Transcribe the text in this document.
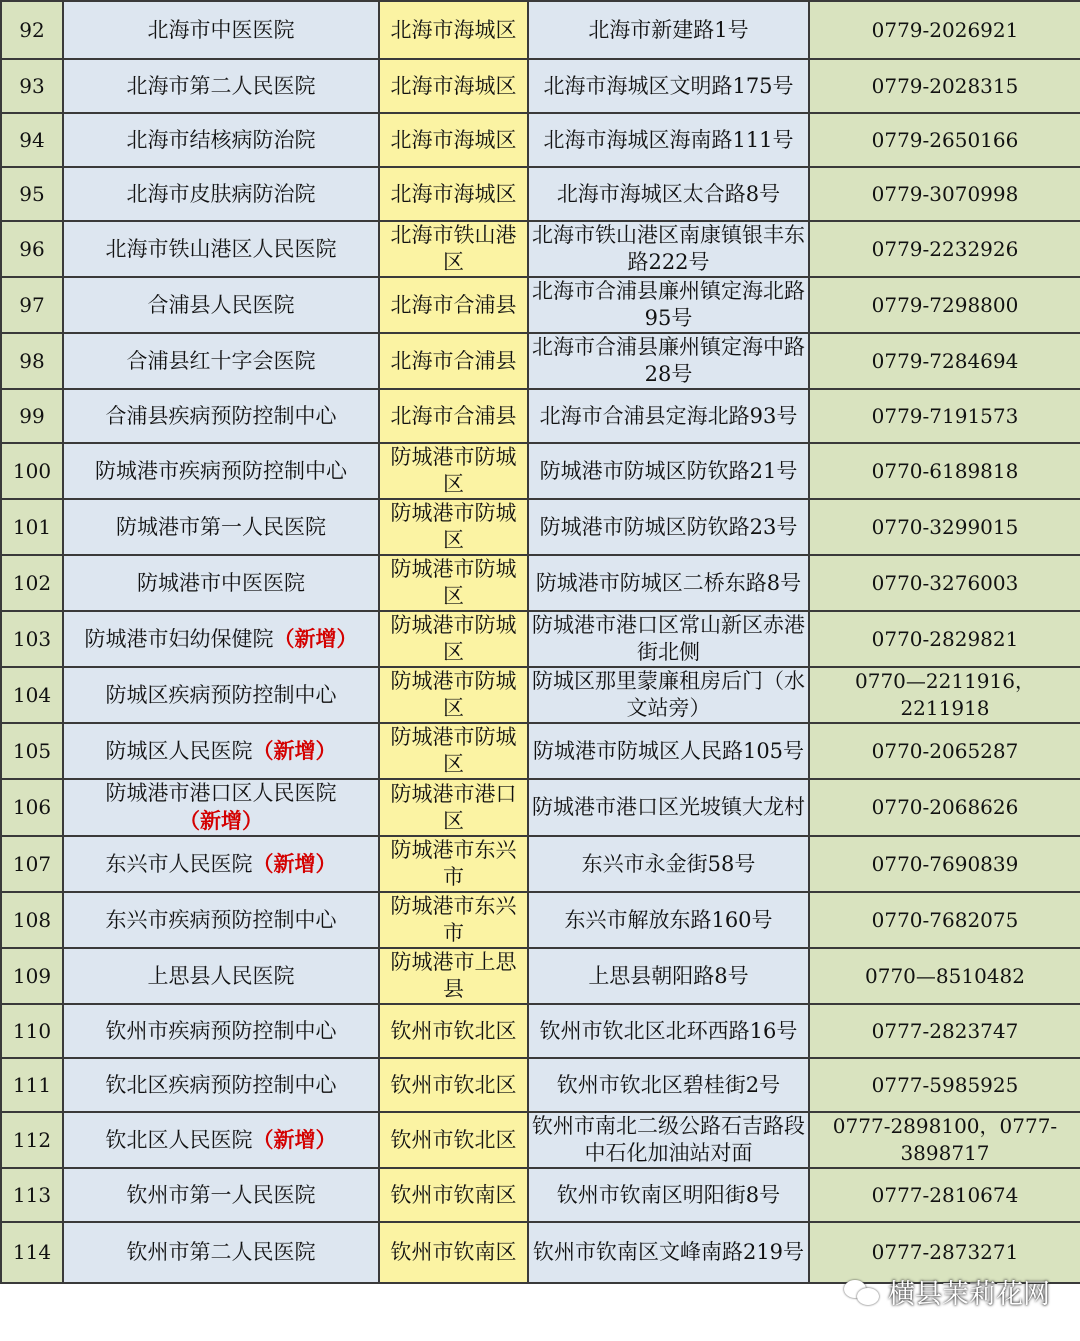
92	北海市中医医院	北海市海城区	北海市新建路1号	0779-2026921
93	北海市第二人民医院	北海市海城区	北海市海城区文明路175号	0779-2028315
94	北海市结核病防治院	北海市海城区	北海市海城区海南路111号	0779-2650166
95	北海市皮肤病防治院	北海市海城区	北海市海城区太合路8号	0779-3070998
96	北海市铁山港区人民医院	北海市铁山港区	北海市铁山港区南康镇银丰东路222号	0779-2232926
97	合浦县人民医院	北海市合浦县	北海市合浦县廉州镇定海北路95号	0779-7298800
98	合浦县红十字会医院	北海市合浦县	北海市合浦县廉州镇定海中路28号	0779-7284694
99	合浦县疾病预防控制中心	北海市合浦县	北海市合浦县定海北路93号	0779-7191573
100	防城港市疾病预防控制中心	防城港市防城区	防城港市防城区防钦路21号	0770-6189818
101	防城港市第一人民医院	防城港市防城区	防城港市防城区防钦路23号	0770-3299015
102	防城港市中医医院	防城港市防城区	防城港市防城区二桥东路8号	0770-3276003
103	防城港市妇幼保健院（新增）	防城港市防城区	防城港市港口区常山新区赤港街北侧	0770-2829821
104	防城区疾病预防控制中心	防城港市防城区	防城区那里蒙廉租房后门（水文站旁）	0770—2211916，2211918
105	防城区人民医院（新增）	防城港市防城区	防城港市防城区人民路105号	0770-2065287
106	防城港市港口区人民医院（新增）	防城港市港口区	防城港市港口区光坡镇大龙村	0770-2068626
107	东兴市人民医院（新增）	防城港市东兴市	东兴市永金街58号	0770-7690839
108	东兴市疾病预防控制中心	防城港市东兴市	东兴市解放东路160号	0770-7682075
109	上思县人民医院	防城港市上思县	上思县朝阳路8号	0770—8510482
110	钦州市疾病预防控制中心	钦州市钦北区	钦州市钦北区北环西路16号	0777-2823747
111	钦北区疾病预防控制中心	钦州市钦北区	钦州市钦北区碧桂街2号	0777-5985925
112	钦北区人民医院（新增）	钦州市钦北区	钦州市南北二级公路石吉路段中石化加油站对面	0777-2898100，0777-3898717
113	钦州市第一人民医院	钦州市钦南区	钦州市钦南区明阳街8号	0777-2810674
114	钦州市第二人民医院	钦州市钦南区	钦州市钦南区文峰南路219号	0777-2873271
横县茉莉花网
